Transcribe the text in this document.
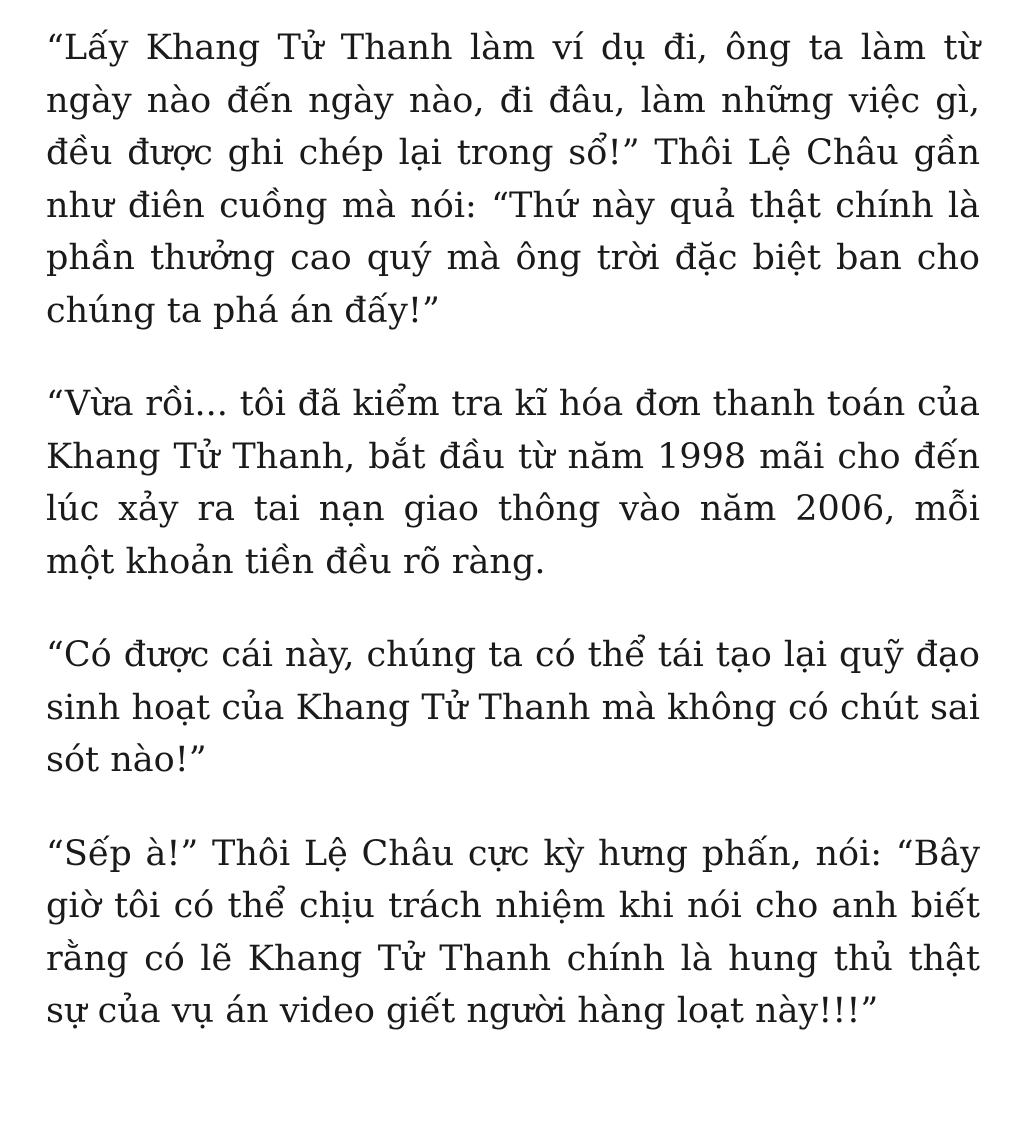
“Lấy Khang Tử Thanh làm ví dụ đi, ông ta làm từ ngày nào đến ngày nào, đi đâu, làm những việc gì, đều được ghi chép lại trong sổ!” Thôi Lệ Châu gần như điên cuồng mà nói: “Thứ này quả thật chính là phần thưởng cao quý mà ông trời đặc biệt ban cho chúng ta phá án đấy!”

“Vừa rồi... tôi đã kiểm tra kĩ hóa đơn thanh toán của Khang Tử Thanh, bắt đầu từ năm 1998 mãi cho đến lúc xảy ra tai nạn giao thông vào năm 2006, mỗi một khoản tiền đều rõ ràng.

“Có được cái này, chúng ta có thể tái tạo lại quỹ đạo sinh hoạt của Khang Tử Thanh mà không có chút sai sót nào!”

“Sếp à!” Thôi Lệ Châu cực kỳ hưng phấn, nói: “Bây giờ tôi có thể chịu trách nhiệm khi nói cho anh biết rằng có lẽ Khang Tử Thanh chính là hung thủ thật sự của vụ án video giết người hàng loạt này!!!”
